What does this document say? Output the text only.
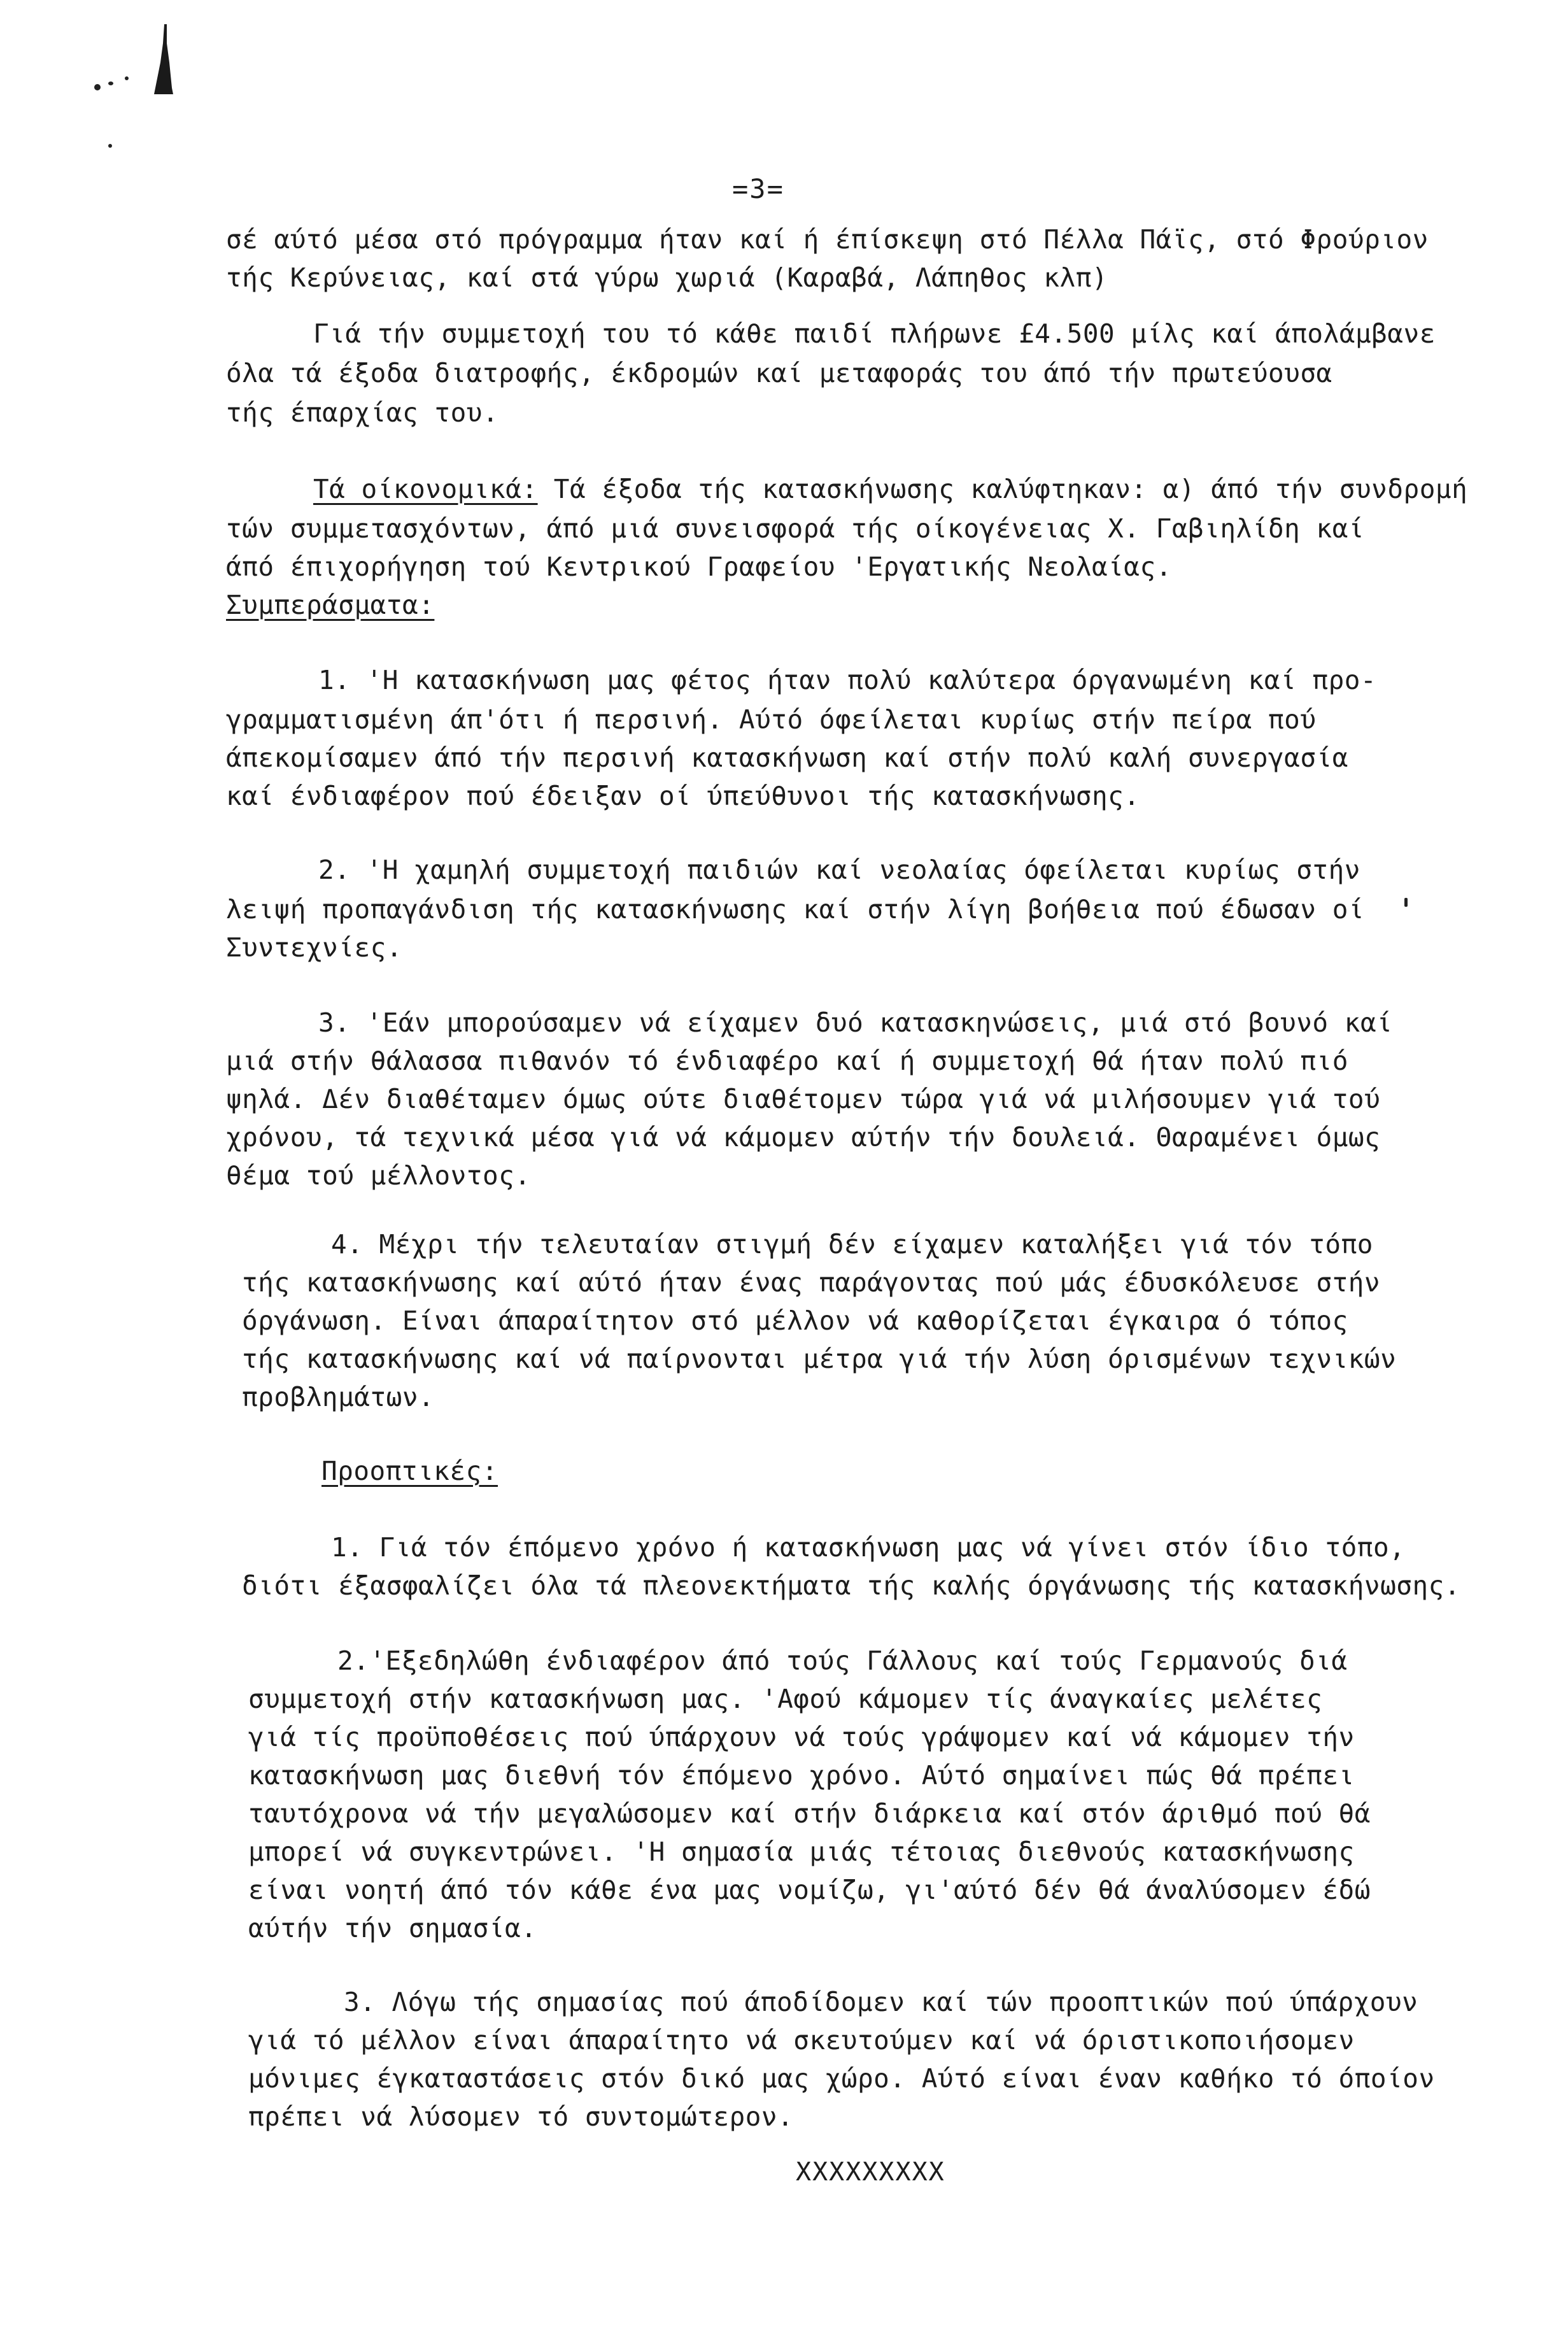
=3=
σέ αύτό μέσα στό πρόγραμμα ήταν καί ή έπίσκεψη στό Πέλλα Πάϊς, στό Φρούριον
τής Κερύνειας, καί στά γύρω χωριά (Καραβά, Λάπηθος κλπ)
Γιά τήν συμμετοχή του τό κάθε παιδί πλήρωνε £4.500 μίλς καί άπολάμβανε
όλα τά έξοδα διατροφής, έκδρομών καί μεταφοράς του άπό τήν πρωτεύουσα
τής έπαρχίας του.
Τά οίκονομικά: Τά έξοδα τής κατασκήνωσης καλύφτηκαν: α) άπό τήν συνδρομή
τών συμμετασχόντων, άπό μιά συνεισφορά τής οίκογένειας Χ. Γαβιηλίδη καί
άπό έπιχορήγηση τού Κεντρικού Γραφείου 'Εργατικής Νεολαίας.
Συμπεράσματα:
1. 'Η κατασκήνωση μας φέτος ήταν πολύ καλύτερα όργανωμένη καί προ-
γραμματισμένη άπ'ότι ή περσινή. Αύτό όφείλεται κυρίως στήν πείρα πού
άπεκομίσαμεν άπό τήν περσινή κατασκήνωση καί στήν πολύ καλή συνεργασία
καί ένδιαφέρον πού έδειξαν οί ύπεύθυνοι τής κατασκήνωσης.
2. 'Η χαμηλή συμμετοχή παιδιών καί νεολαίας όφείλεται κυρίως στήν
λειψή προπαγάνδιση τής κατασκήνωσης καί στήν λίγη βοήθεια πού έδωσαν οί
Συντεχνίες.
3. 'Εάν μπορούσαμεν νά είχαμεν δυό κατασκηνώσεις, μιά στό βουνό καί
μιά στήν θάλασσα πιθανόν τό ένδιαφέρο καί ή συμμετοχή θά ήταν πολύ πιό
ψηλά. Δέν διαθέταμεν όμως ούτε διαθέτομεν τώρα γιά νά μιλήσουμεν γιά τού
χρόνου, τά τεχνικά μέσα γιά νά κάμομεν αύτήν τήν δουλειά. Θαραμένει όμως
θέμα τού μέλλοντος.
4. Μέχρι τήν τελευταίαν στιγμή δέν είχαμεν καταλήξει γιά τόν τόπο
τής κατασκήνωσης καί αύτό ήταν ένας παράγοντας πού μάς έδυσκόλευσε στήν
όργάνωση. Είναι άπαραίτητον στό μέλλον νά καθορίζεται έγκαιρα ό τόπος
τής κατασκήνωσης καί νά παίρνονται μέτρα γιά τήν λύση όρισμένων τεχνικών
προβλημάτων.
Προοπτικές:
1. Γιά τόν έπόμενο χρόνο ή κατασκήνωση μας νά γίνει στόν ίδιο τόπο,
διότι έξασφαλίζει όλα τά πλεονεκτήματα τής καλής όργάνωσης τής κατασκήνωσης.
2.'Εξεδηλώθη ένδιαφέρον άπό τούς Γάλλους καί τούς Γερμανούς διά
συμμετοχή στήν κατασκήνωση μας. 'Αφού κάμομεν τίς άναγκαίες μελέτες
γιά τίς προϋποθέσεις πού ύπάρχουν νά τούς γράψομεν καί νά κάμομεν τήν
κατασκήνωση μας διεθνή τόν έπόμενο χρόνο. Αύτό σημαίνει πώς θά πρέπει
ταυτόχρονα νά τήν μεγαλώσομεν καί στήν διάρκεια καί στόν άριθμό πού θά
μπορεί νά συγκεντρώνει. 'Η σημασία μιάς τέτοιας διεθνούς κατασκήνωσης
είναι νοητή άπό τόν κάθε ένα μας νομίζω, γι'αύτό δέν θά άναλύσομεν έδώ
αύτήν τήν σημασία.
3. Λόγω τής σημασίας πού άποδίδομεν καί τών προοπτικών πού ύπάρχουν
γιά τό μέλλον είναι άπαραίτητο νά σκευτούμεν καί νά όριστικοποιήσομεν
μόνιμες έγκαταστάσεις στόν δικό μας χώρο. Αύτό είναι έναν καθήκο τό όποίον
πρέπει νά λύσομεν τό συντομώτερον.
XXXXXXXXX
